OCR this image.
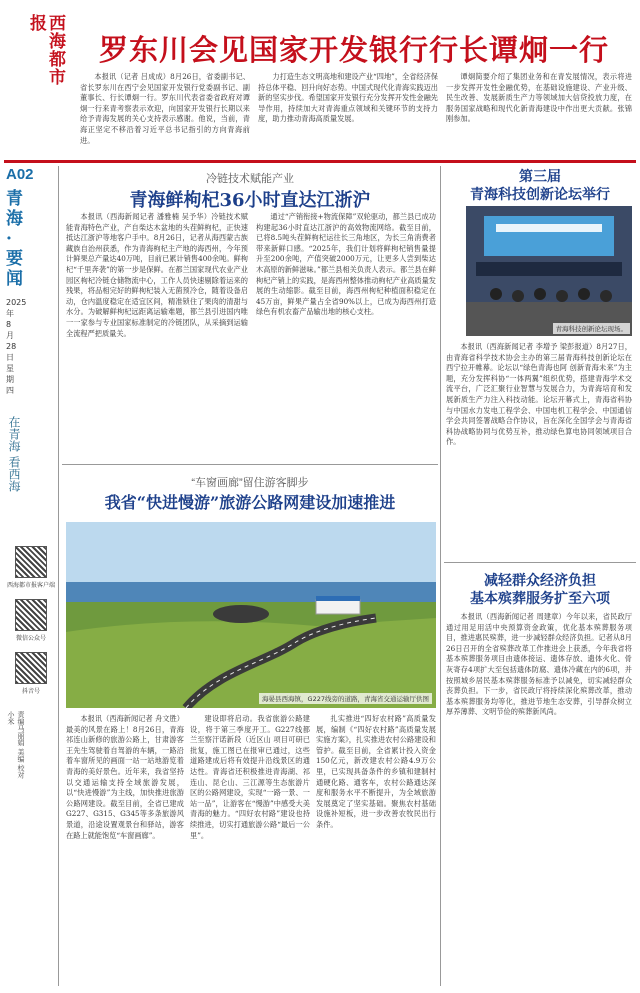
西海都市报
罗东川会见国家开发银行行长谭炯一行

本报讯（记者 吕成成）8月26日，省委副书记、省长罗东川在西宁会见国家开发银行党委副书记、副董事长、行长谭炯一行。罗东川代表省委省政府对谭炯一行来青考察表示欢迎，向国家开发银行长期以来给予青海发展的关心支持表示感谢。他说，当前，青海正坚定不移沿着习近平总书记指引的方向青海前进。

力打造生态文明高地和建设产业“四地”，全省经济保持总体平稳、回升向好态势。中国式现代化青海实践迈出新的坚实步伐。希望国家开发银行充分发挥开发性金融先导作用，持续加大对青海重点领域和关键环节的支持力度，助力推动青海高质量发展。

谭炯简要介绍了集团业务和在青发展情况，表示将进一步发挥开发性金融优势，在基础设施建设、产业升级、民生改善、发展新质生产力等领域加大信贷投放力度，在服务国家战略和现代化新青海建设中作出更大贡献。张锦刚参加。

A02
青海·要闻
2025年8月28日星期四
在青海 看西海
西海都市报客户端
微信公众号
抖音号
责编马丽娟 美编 校对小米
冷链技术赋能产业
青海鲜枸杞36小时直达江浙沪

本报讯（西海新闻记者 潘雅楠 吴予华）冷链技术赋能青海特色产业，产自柴达木盆地的头茬鲜枸杞，正快速抵达江浙沪等地客户手中。8月26日，记者从海西蒙古族藏族自治州获悉，作为青海枸杞主产地的海西州，今年预计鲜果总产量达40万吨，目前已累计销售400余吨。鲜枸杞“千里奔袭”的第一步是保鲜。在都兰国家现代农业产业园区枸杞冷链仓储物流中心，工作人员快速剔除着运来的残果，将品相完好的鲜枸杞装入无菌预冷仓，随着设备启动，仓内温度稳定在适宜区间，精准锁住了果肉的清甜与水分。为破解鲜枸杞远距离运输难题，都兰县引进国内唯一一家参与专业国家标准制定的冷链团队，从采摘到运输全流程严把质量关。

通过“产销衔接+物流保障”双轮驱动，都兰县已成功构建起36小时直达江浙沪的高效物流网络。截至目前，已将8.5吨头茬鲜枸杞运往长三角地区，为长三角消费者带来新鲜口感。“2025年，我们计划将鲜枸杞销售量提升至200余吨，产值突破2000万元，让更多人尝到柴达木高原的新鲜滋味。”都兰县相关负责人表示。都兰县在鲜枸杞产销上的实践，是海西州整体推动枸杞产业高质量发展的生动缩影。截至目前，海西州枸杞种植面积稳定在45万亩，鲜果产量占全省90%以上，已成为海西州打造绿色有机农畜产品输出地的核心支柱。

“车窗画廊”留住游客脚步
我省“快进慢游”旅游公路网建设加速推进
海晏县西海镇，G227线旁的道路，青海省交通运输厅供图

本报讯（西海新闻记者 舟文胜）最美的风景在路上！8月26日，青海祁连山新修的旅游公路上，甘肃游客王先生驾驶着自驾游的车辆，一路沿着车窗所见的画面一站一站地游览着青海的美好景色。近年来，我省坚持以交通运输支持全域旅游发展，以“快进慢游”为主线，加快推进旅游公路网建设。截至目前，全省已建成G227、G315、G345等多条旅游风景道，沿途设置观景台和驿站，游客在路上就能饱览“车窗画廊”。

建设即将启动。我省旅游公路建设，将于第三季度开工。G227线都兰至察汗诺新段（近区山 项目可研已批复，施工图已在报审已通过，这些道路建成后将有效提升沿线景区的通达性。青海省还积极推进青海湖、祁连山、昆仑山、三江源等生态旅游片区的公路网建设，实现“一路一景、一站一品”，让游客在“慢游”中感受大美青海的魅力。“四好农村路”建设也持续推进，切实打通旅游公路“最后一公里”。

扎实推进“四好农村路”高质量发展，编制《“四好农村路”高质量发展实施方案》，扎实推进农村公路建设和管护。截至目前，全省累计投入资金150亿元，新改建农村公路4.9万公里，已实现具备条件的乡镇和建制村通硬化路、通客车，农村公路通达深度和服务水平不断提升，为全域旅游发展奠定了坚实基础。聚焦农村基础设施补短板，进一步改善农牧民出行条件。

第三届
青海科技创新论坛举行
青海科技创新论坛现场。

本报讯（西海新闻记者 李增予 梁彭报道）8月27日，由青海省科学技术协会主办的第三届青海科技创新论坛在西宁拉开帷幕。论坛以“绿色青海也阿 创新青海未来”为主题，充分发挥科协“一体两翼”组织优势，搭建青海学术交流平台，广泛汇聚行业智慧与发展合力，为青海培育和发展新质生产力注入科技动能。论坛开幕式上，青海省科协与中国水力发电工程学会、中国电机工程学会、中国通信学会共同签署战略合作协议，旨在深化全国学会与青海省科协战略协同与优势互补，推动绿色算电协同领域项目合作。

减轻群众经济负担
基本殡葬服务扩至六项

本报讯（西海新闻记者 周建章）今年以来，省民政厅通过用足用活中央预算资金政策，优化基本殡葬服务项目，推进惠民殡葬，进一步减轻群众经济负担。记者从8月26日召开的全省殡葬改革工作推进会上获悉，今年我省将基本殡葬服务项目由遗体接运、遗体存放、遗体火化、骨灰寄存4项扩大至包括遗体防腐、遗体冷藏在内的6项，并按照城乡居民基本殡葬服务标准予以减免，切实减轻群众丧葬负担。下一步，省民政厅将持续深化殡葬改革，推动基本殡葬服务均等化，推进节地生态安葬，引导群众树立厚养薄葬、文明节俭的殡葬新风尚。
